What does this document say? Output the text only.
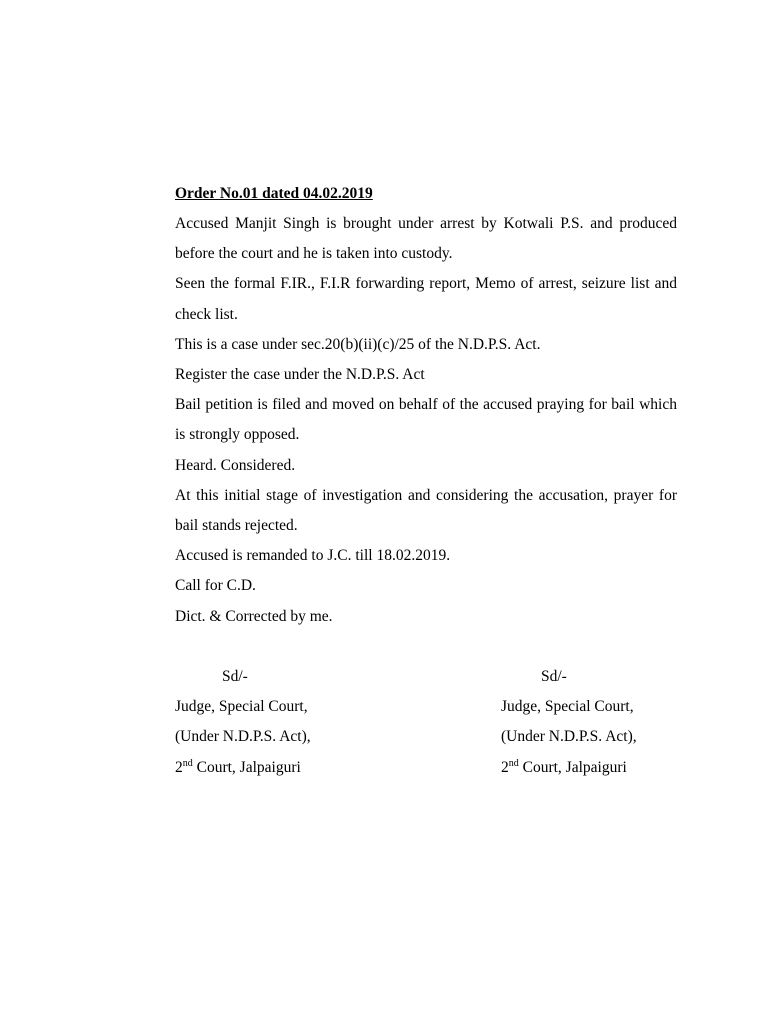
Order No.01 dated 04.02.2019

Accused Manjit Singh is brought under arrest by Kotwali P.S. and produced before the court and he is taken into custody.

Seen the formal F.IR., F.I.R forwarding report, Memo of arrest, seizure list and check list.

This is a case under sec.20(b)(ii)(c)/25 of the N.D.P.S. Act.

Register the case under the N.D.P.S. Act

Bail petition is filed and moved on behalf of the accused praying for bail which is strongly opposed.

Heard. Considered.

At this initial stage of investigation and considering the accusation, prayer for bail stands rejected.

Accused is remanded to J.C. till 18.02.2019.

Call for C.D.

Dict. & Corrected by me.

Sd/-
Judge, Special Court,
(Under N.D.P.S. Act),
2nd Court, Jalpaiguri
Sd/-
Judge, Special Court,
(Under N.D.P.S. Act),
2nd Court, Jalpaiguri
